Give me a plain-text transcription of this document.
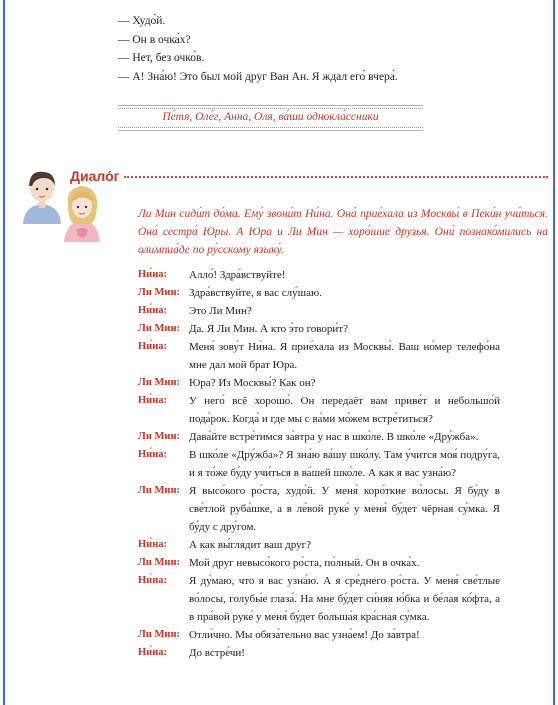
— Худо́й.
— Он в очка́х?
— Нет, без очко́в.
— А! Зна́ю! Это был мой друг Ван Ан. Я ждал его́ вчера́.
Пе́тя, Оле́г, Анна, Оля, ва́ши однокла́ссники
Диало́г
Ли Мин сиди́т до́ма. Ему́ звони́т Ни́на. Она́ прие́хала из Москвы́ в Пеки́н учи́ться. Она́ сестра́ Юры. А Юра и Ли Мин — хоро́шие друзья. Они́ познако́мились на олимпиа́де по ру́сскому языку́.
Ни́на:	Алло́! Здра́вствуйте!
Ли Мин: Здра́вствуйте, я вас слу́шаю.
Ни́на:	Это Ли Мин?
Ли Мин: Да. Я Ли Мин. А кто э́то говори́т?
Ни́на:	Меня́ зову́т Ни́на. Я прие́хала из Москвы́. Ваш но́мер телефо́на мне дал мой брат Юра.
Ли Мин: Юра? Из Москвы́? Как он?
Ни́на:	У него́ всё хорошо́. Он передаёт вам приве́т и небольшо́й пода́рок. Когда́ и где мы с ва́ми мо́жем встре́титься?
Ли Мин: Дава́йте встре́тимся за́втра у нас в шко́ле. В шко́ле «Дру́жба».
Ни́на:	В шко́ле «Дру́жба»? Я зна́ю ва́шу шко́лу. Там у́чится моя́ подру́га, и я то́же бу́ду учи́ться в ва́шей шко́ле. А как я вас узна́ю?
Ли Мин: Я высо́кого ро́ста, худо́й. У меня́ коро́ткие во́лосы. Я бу́ду в све́тлой руба́шке, а в ле́вой руке́ у меня́ бу́дет чёрная су́мка. Я бу́ду с дру́гом.
Ни́на:	А как вы́глядит ваш друг?
Ли Мин: Мой друг невысо́кого ро́ста, по́лный. Он в очка́х.
Ни́на:	Я ду́маю, что я вас узна́ю. А я сре́днего ро́ста. У меня́ све́тлые во́лосы, голубы́е глаза́. На мне бу́дет си́няя ю́бка и бе́лая ко́фта, а в пра́вой руке́ у меня́ бу́дет больша́я кра́сная су́мка.
Ли Мин: Отли́чно. Мы обяза́тельно вас узна́ем! До за́втра!
Ни́на:	До встре́чи!
